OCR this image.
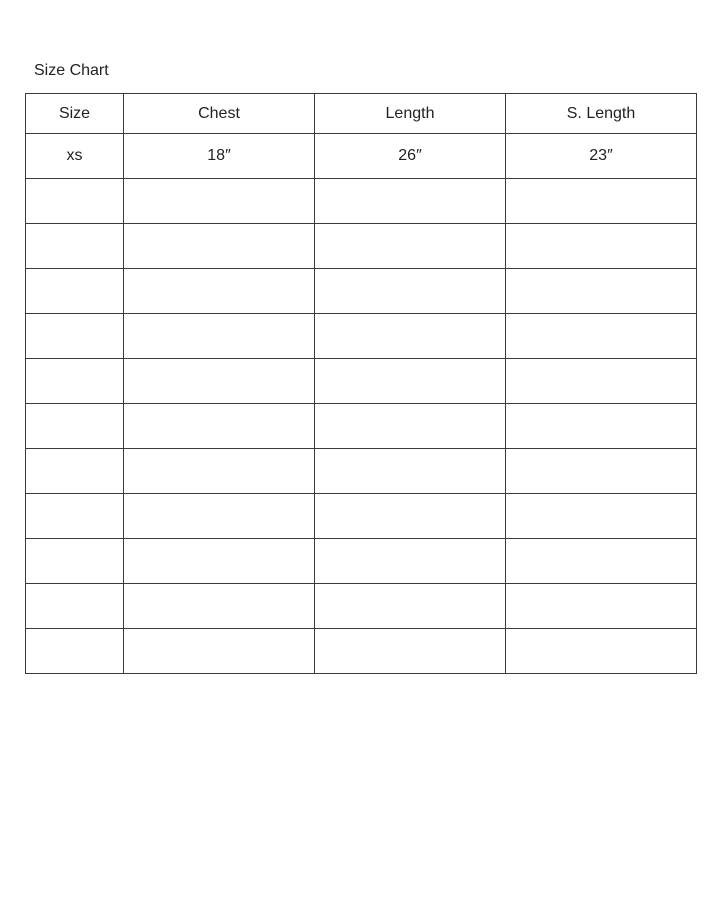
Size Chart
Size	Chest	Length	S. Length
xs	18″	26″	23″
